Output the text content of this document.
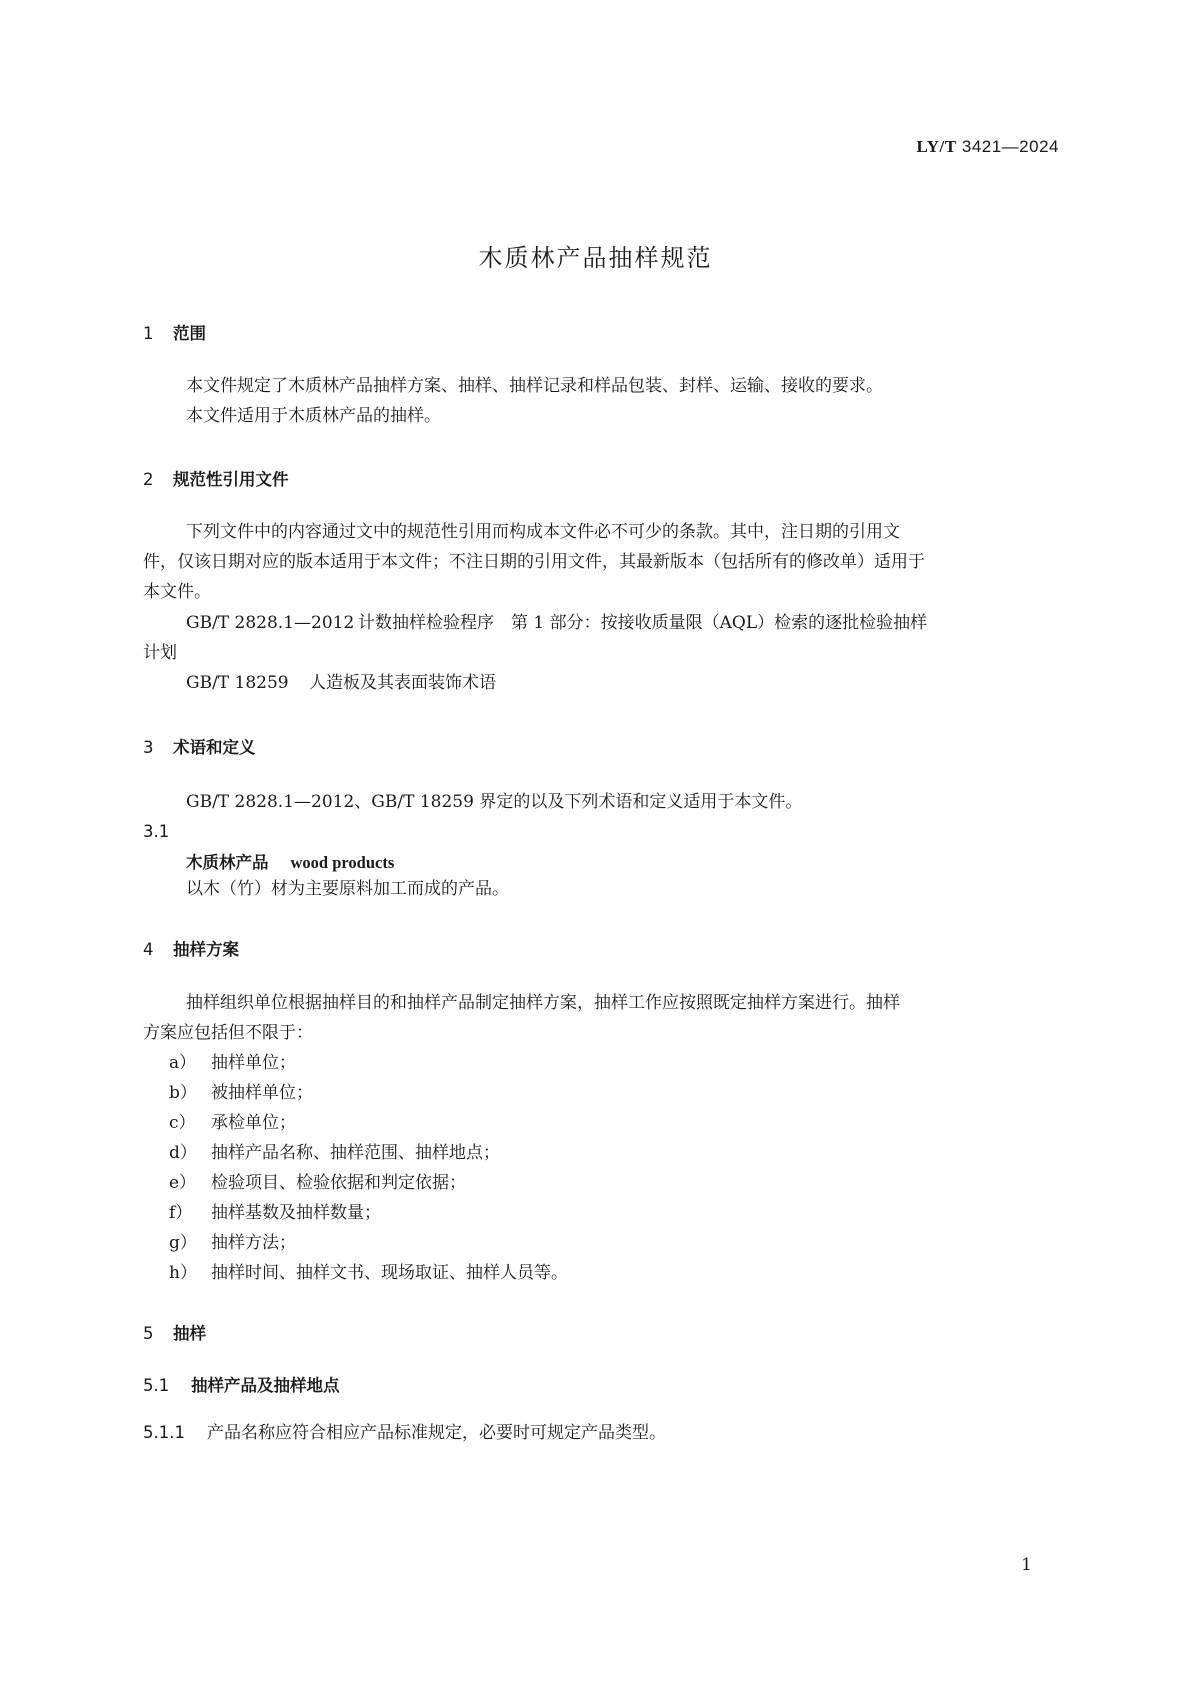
LY/T 3421—2024
木质林产品抽样规范
1 范围
本文件规定了木质林产品抽样方案、抽样、抽样记录和样品包装、封样、运输、接收的要求。
本文件适用于木质林产品的抽样。
2 规范性引用文件
下列文件中的内容通过文中的规范性引用而构成本文件必不可少的条款。其中，注日期的引用文
件，仅该日期对应的版本适用于本文件；不注日期的引用文件，其最新版本（包括所有的修改单）适用于
本文件。
GB/T 2828.1—2012 计数抽样检验程序　第 1 部分：按接收质量限（AQL）检索的逐批检验抽样
计划
GB/T 18259 人造板及其表面装饰术语
3 术语和定义
GB/T 2828.1—2012、GB/T 18259 界定的以及下列术语和定义适用于本文件。
3.1
木质林产品 wood products
以木（竹）材为主要原料加工而成的产品。
4 抽样方案
抽样组织单位根据抽样目的和抽样产品制定抽样方案，抽样工作应按照既定抽样方案进行。抽样
方案应包括但不限于：
a） 抽样单位；
b） 被抽样单位；
c） 承检单位；
d） 抽样产品名称、抽样范围、抽样地点；
e） 检验项目、检验依据和判定依据；
f） 抽样基数及抽样数量；
g） 抽样方法；
h） 抽样时间、抽样文书、现场取证、抽样人员等。
5 抽样
5.1 抽样产品及抽样地点
5.1.1 产品名称应符合相应产品标准规定，必要时可规定产品类型。
1
